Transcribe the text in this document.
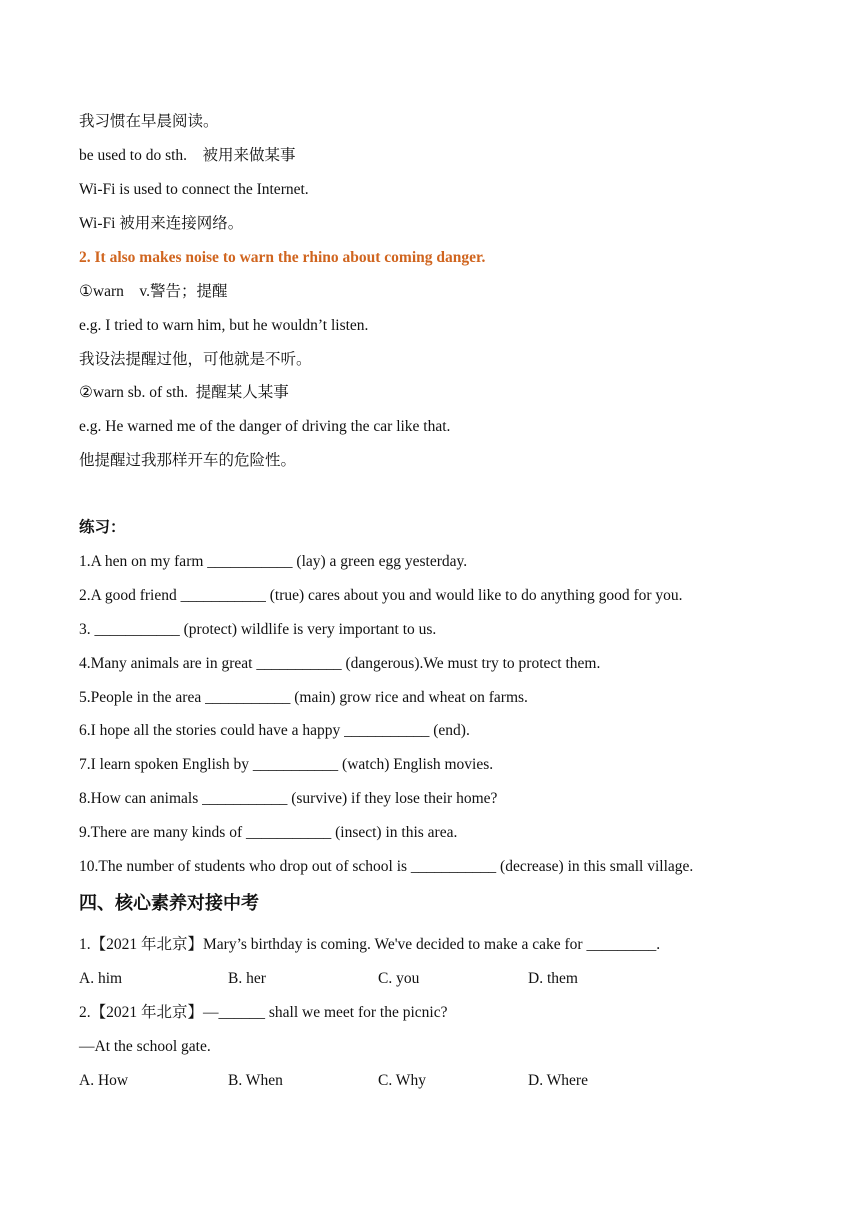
我习惯在早晨阅读。
be used to do sth.    被用来做某事
Wi-Fi is used to connect the Internet.
Wi-Fi 被用来连接网络。
2. It also makes noise to warn the rhino about coming danger.
①warn    v.警告；提醒
e.g. I tried to warn him, but he wouldn’t listen.
我设法提醒过他，可他就是不听。
②warn sb. of sth.  提醒某人某事
e.g. He warned me of the danger of driving the car like that.
他提醒过我那样开车的危险性。
练习：
1.A hen on my farm ___________ (lay) a green egg yesterday.
2.A good friend ___________ (true) cares about you and would like to do anything good for you.
3. ___________ (protect) wildlife is very important to us.
4.Many animals are in great ___________ (dangerous).We must try to protect them.
5.People in the area ___________ (main) grow rice and wheat on farms.
6.I hope all the stories could have a happy ___________ (end).
7.I learn spoken English by ___________ (watch) English movies.
8.How can animals ___________ (survive) if they lose their home?
9.There are many kinds of ___________ (insect) in this area.
10.The number of students who drop out of school is ___________ (decrease) in this small village.
四、核心素养对接中考
1.【2021 年北京】Mary’s birthday is coming. We've decided to make a cake for _________.
A. him	B. her	C. you	D. them
2.【2021 年北京】—______ shall we meet for the picnic?
—At the school gate.
A. How	B. When	C. Why	D. Where
